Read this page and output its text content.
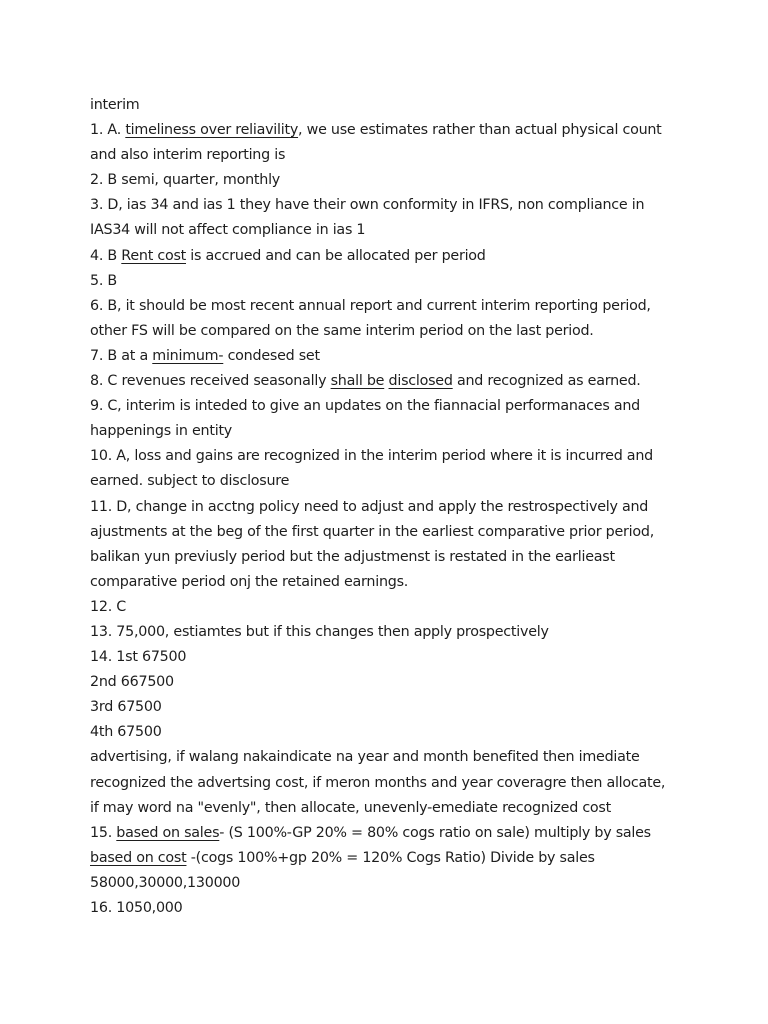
interim
1. A. timeliness over reliavility, we use estimates rather than actual physical count
and also interim reporting is
2. B semi, quarter, monthly
3. D, ias 34 and ias 1 they have their own conformity in IFRS, non compliance in
IAS34 will not affect compliance in ias 1
4. B Rent cost is accrued and can be allocated per period
5. B
6. B, it should be most recent annual report and current interim reporting period,
other FS will be compared on the same interim period on the last period.
7. B at a minimum- condesed set
8. C revenues received seasonally shall be disclosed and recognized as earned.
9. C, interim is inteded to give an updates on the fiannacial performanaces and
happenings in entity
10. A, loss and gains are recognized in the interim period where it is incurred and
earned. subject to disclosure
11. D, change in acctng policy need to adjust and apply the restrospectively and
ajustments at the beg of the first quarter in the earliest comparative prior period,
balikan yun previusly period but the adjustmenst is restated in the earlieast
comparative period onj the retained earnings.
12. C
13. 75,000, estiamtes but if this changes then apply prospectively
14. 1st 67500
2nd 667500
3rd 67500
4th 67500
advertising, if walang nakaindicate na year and month benefited then imediate
recognized the advertsing cost, if meron months and year coveragre then allocate,
if may word na "evenly", then allocate, unevenly-emediate recognized cost
15. based on sales- (S 100%-GP 20% = 80% cogs ratio on sale) multiply by sales
based on cost -(cogs 100%+gp 20% = 120% Cogs Ratio) Divide by sales
58000,30000,130000
16. 1050,000
